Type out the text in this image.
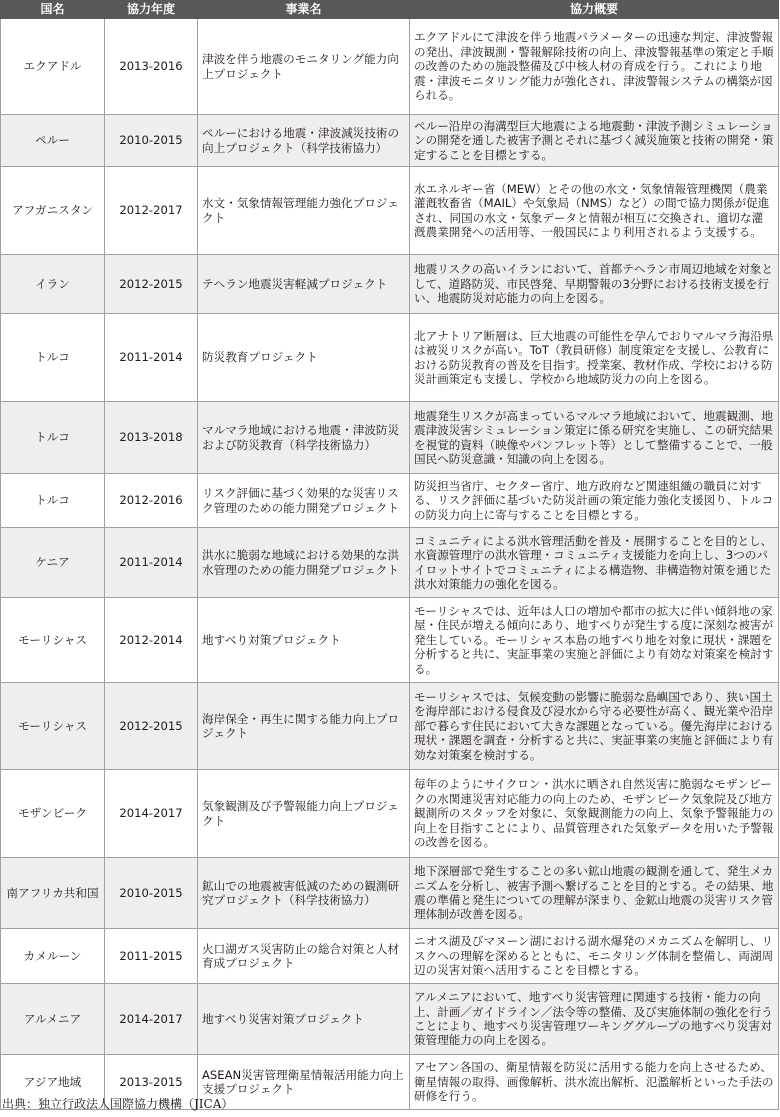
国名	協力年度	事業名	協力概要
エクアドル	2013-2016	津波を伴う地震のモニタリング能力向上プロジェクト	エクアドルにて津波を伴う地震パラメーターの迅速な判定、津波警報の発出、津波観測・警報解除技術の向上、津波警報基準の策定と手順の改善のための施設整備及び中核人材の育成を行う。これにより地震・津波モニタリング能力が強化され、津波警報システムの構築が図られる。
ペルー	2010-2015	ペルーにおける地震・津波減災技術の向上プロジェクト（科学技術協力）	ペルー沿岸の海溝型巨大地震による地震動・津波予測シミュレーションの開発を通した被害予測とそれに基づく減災施策と技術の開発・策定することを目標とする。
アフガニスタン	2012-2017	水文・気象情報管理能力強化プロジェクト	水エネルギー省（MEW）とその他の水文・気象情報管理機関（農業灌漑牧畜省（MAIL）や気象局（NMS）など）の間で協力関係が促進され、同国の水文・気象データと情報が相互に交換され、適切な灌漑農業開発への活用等、一般国民により利用されるよう支援する。
イラン	2012-2015	テヘラン地震災害軽減プロジェクト	地震リスクの高いイランにおいて、首都テヘラン市周辺地域を対象として、道路防災、市民啓発、早期警報の3分野における技術支援を行い、地震防災対応能力の向上を図る。
トルコ	2011-2014	防災教育プロジェクト	北アナトリア断層は、巨大地震の可能性を孕んでおりマルマラ海沿県は被災リスクが高い。ToT（教員研修）制度策定を支援し、公教育における防災教育の普及を目指す。授業案、教材作成、学校における防災計画策定も支援し、学校から地域防災力の向上を図る。
トルコ	2013-2018	マルマラ地域における地震・津波防災および防災教育（科学技術協力）	地震発生リスクが高まっているマルマラ地域において、地震観測、地震津波災害シミュレーション策定に係る研究を実施し、この研究結果を視覚的資料（映像やパンフレット等）として整備することで、一般国民へ防災意識・知識の向上を図る。
トルコ	2012-2016	リスク評価に基づく効果的な災害リスク管理のための能力開発プロジェクト	防災担当省庁、セクター省庁、地方政府など関連組織の職員に対する、リスク評価に基づいた防災計画の策定能力強化支援図り、トルコの防災力向上に寄与することを目標とする。
ケニア	2011-2014	洪水に脆弱な地域における効果的な洪水管理のための能力開発プロジェクト	コミュニティによる洪水管理活動を普及・展開することを目的とし、水資源管理庁の洪水管理・コミュニティ支援能力を向上し、3つのパイロットサイトでコミュニティによる構造物、非構造物対策を通じた洪水対策能力の強化を図る。
モーリシャス	2012-2014	地すべり対策プロジェクト	モーリシャスでは、近年は人口の増加や都市の拡大に伴い傾斜地の家屋・住民が増える傾向にあり、地すべりが発生する度に深刻な被害が発生している。モーリシャス本島の地すべり地を対象に現状・課題を分析すると共に、実証事業の実施と評価により有効な対策案を検討する。
モーリシャス	2012-2015	海岸保全・再生に関する能力向上プロジェクト	モーリシャスでは、気候変動の影響に脆弱な島嶼国であり、狭い国土を海岸部における侵食及び浸水から守る必要性が高く、観光業や沿岸部で暮らす住民において大きな課題となっている。優先海岸における現状・課題を調査・分析すると共に、実証事業の実施と評価により有効な対策案を検討する。
モザンビーク	2014-2017	気象観測及び予警報能力向上プロジェクト	毎年のようにサイクロン・洪水に晒され自然災害に脆弱なモザンビークの水関連災害対応能力の向上のため、モザンビーク気象院及び地方観測所のスタッフを対象に、気象観測能力の向上、気象予警報能力の向上を目指すことにより、品質管理された気象データを用いた予警報の改善を図る。
南アフリカ共和国	2010-2015	鉱山での地震被害低減のための観測研究プロジェクト（科学技術協力）	地下深層部で発生することの多い鉱山地震の観測を通して、発生メカニズムを分析し、被害予測へ繋げることを目的とする。その結果、地震の準備と発生についての理解が深まり、金鉱山地震の災害リスク管理体制が改善を図る。
カメルーン	2011-2015	火口湖ガス災害防止の総合対策と人材育成プロジェクト	ニオス湖及びマヌーン湖における湖水爆発のメカニズムを解明し、リスクへの理解を深めるとともに、モニタリング体制を整備し、両湖周辺の災害対策へ活用することを目標とする。
アルメニア	2014-2017	地すべり災害対策プロジェクト	アルメニアにおいて、地すべり災害管理に関連する技術・能力の向上、計画／ガイドライン／法令等の整備、及び実施体制の強化を行うことにより、地すべり災害管理ワーキンググループの地すべり災害対策管理能力の向上を図る。
アジア地域	2013-2015	ASEAN災害管理衛星情報活用能力向上支援プロジェクト	アセアン各国の、衛星情報を防災に活用する能力を向上させるため、衛星情報の取得、画像解析、洪水流出解析、氾濫解析といった手法の研修を行う。
出典：独立行政法人国際協力機構（JICA）
